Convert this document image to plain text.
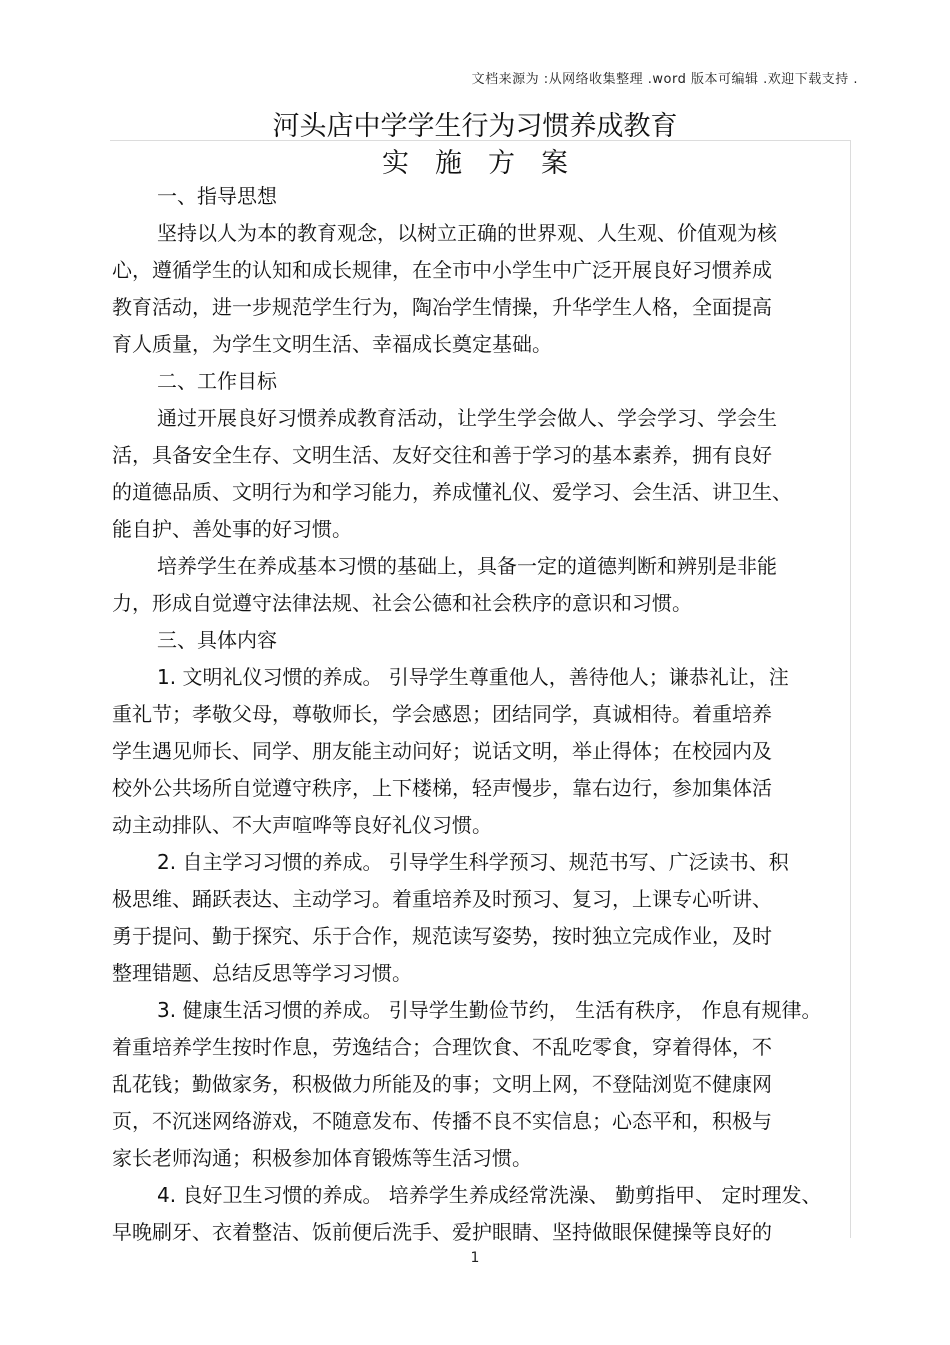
文档来源为 :从网络收集整理 .word 版本可编辑 .欢迎下载支持 .
河头店中学学生行为习惯养成教育
实施方案
一、指导思想
坚持以人为本的教育观念，以树立正确的世界观、人生观、价值观为核
心，遵循学生的认知和成长规律，在全市中小学生中广泛开展良好习惯养成
教育活动，进一步规范学生行为，陶冶学生情操，升华学生人格，全面提高
育人质量，为学生文明生活、幸福成长奠定基础。
二、工作目标
通过开展良好习惯养成教育活动，让学生学会做人、学会学习、学会生
活，具备安全生存、文明生活、友好交往和善于学习的基本素养，拥有良好
的道德品质、文明行为和学习能力，养成懂礼仪、爱学习、会生活、讲卫生、
能自护、善处事的好习惯。
培养学生在养成基本习惯的基础上，具备一定的道德判断和辨别是非能
力，形成自觉遵守法律法规、社会公德和社会秩序的意识和习惯。
三、具体内容
1. 文明礼仪习惯的养成。 引导学生尊重他人，善待他人；谦恭礼让，注
重礼节；孝敬父母，尊敬师长，学会感恩；团结同学，真诚相待。着重培养
学生遇见师长、同学、朋友能主动问好；说话文明，举止得体；在校园内及
校外公共场所自觉遵守秩序，上下楼梯，轻声慢步，靠右边行，参加集体活
动主动排队、不大声喧哗等良好礼仪习惯。
2. 自主学习习惯的养成。 引导学生科学预习、规范书写、广泛读书、积
极思维、踊跃表达、主动学习。着重培养及时预习、复习，上课专心听讲、
勇于提问、勤于探究、乐于合作，规范读写姿势，按时独立完成作业，及时
整理错题、总结反思等学习习惯。
3. 健康生活习惯的养成。 引导学生勤俭节约， 生活有秩序， 作息有规律。
着重培养学生按时作息，劳逸结合；合理饮食、不乱吃零食，穿着得体，不
乱花钱；勤做家务，积极做力所能及的事；文明上网，不登陆浏览不健康网
页，不沉迷网络游戏，不随意发布、传播不良不实信息；心态平和，积极与
家长老师沟通；积极参加体育锻炼等生活习惯。
4. 良好卫生习惯的养成。 培养学生养成经常洗澡、 勤剪指甲、 定时理发、
早晚刷牙、衣着整洁、饭前便后洗手、爱护眼睛、坚持做眼保健操等良好的
1
